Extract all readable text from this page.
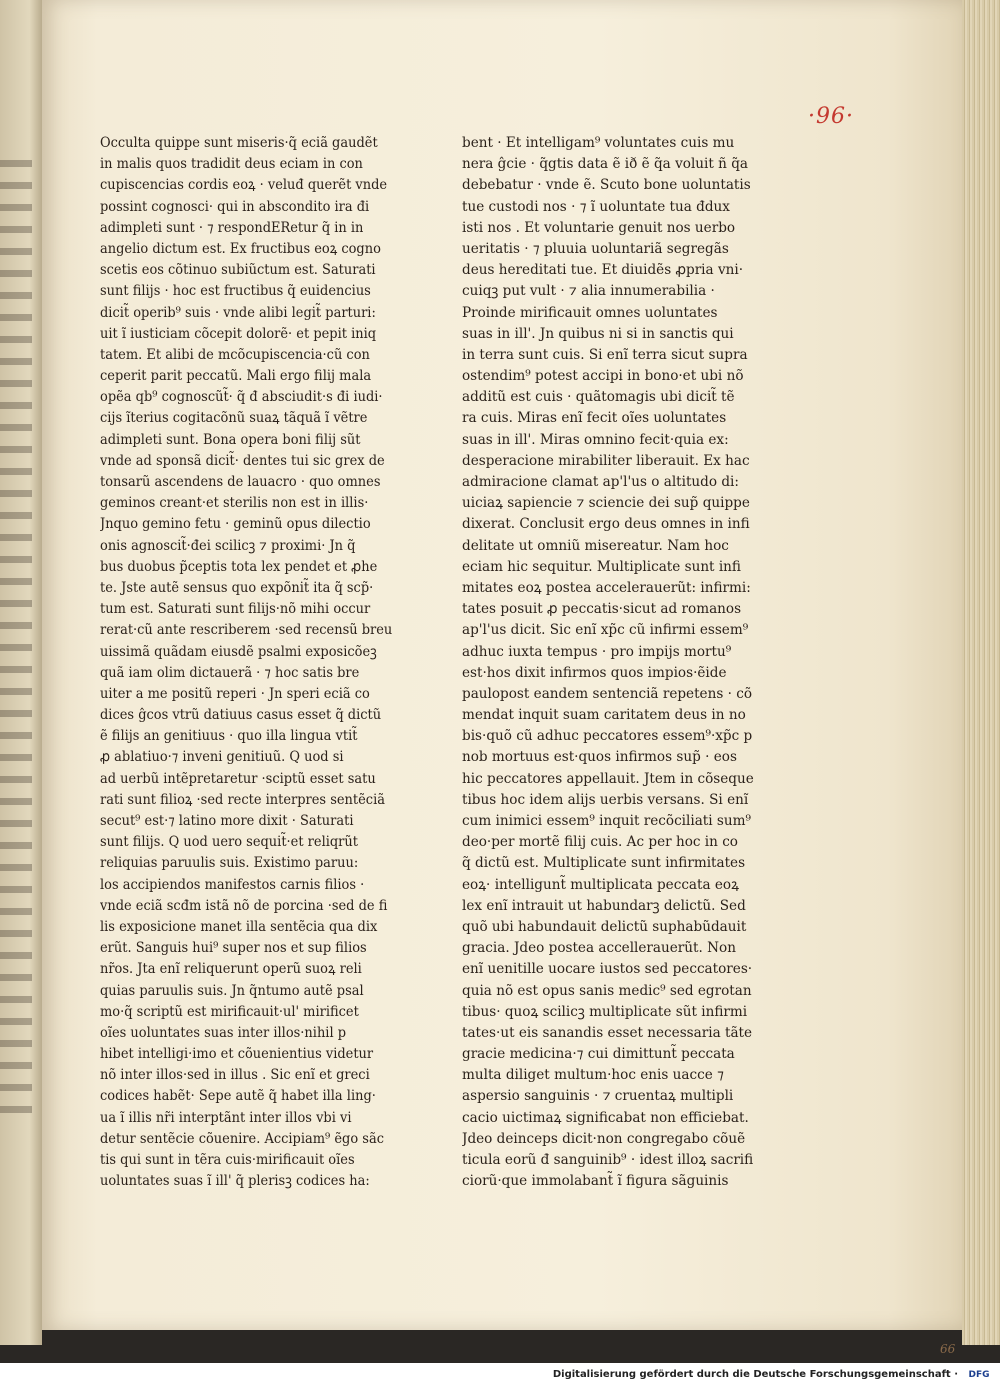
·96·
66
Occulta quippe sunt miseris·q̃ eciã gaudẽt
in malis quos tradidit deus eciam in con
cupiscencias cordis eoꝝ · veluđ querẽt vnde
possint cognosci· qui in abscondito ira đi
adimpleti sunt · ⁊ respondERetur q̃ in in
angelio dictum est. Ex fructibus eoꝝ cogno
scetis eos cõtinuo subiũctum est. Saturati
sunt filijs · hoc est fructibus q̃ euidencius
dicit̃ operib⁹ suis · vnde alibi legit̃ parturi:
uit ĩ iusticiam cõcepit dolorẽ· et pepit iniq
tatem. Et alibi de mcõcupiscencia·cũ con
ceperit parit peccatũ. Mali ergo filij mala
opẽa qb⁹ cognoscũt̃· q̃ đ absciudit·s đi iudi·
cijs ĩterius cogitacõnũ suaꝝ tãquã ĩ vẽtre
adimpleti sunt. Bona opera boni filij sũt
vnde ad sponsã dicit̃· dentes tui sic grex de
tonsarũ ascendens de lauacro · quo omnes
geminos creant·et sterilis non est in illis·
Jnquo gemino fetu · geminũ opus dilectio
onis agnoscit̃·đei scilicꝫ ⁊ proximi· Jn q̃
bus duobus p̃ceptis tota lex pendet et ꝓhe
te. Jste autẽ sensus quo expõnit̃ ita q̃ scp̃·
tum est. Saturati sunt filijs·nõ mihi occur
rerat·cũ ante rescriberem ·sed recensũ breu
uissimã quãdam eiusdẽ psalmi exposicõeꝫ
quã iam olim dictauerã · ⁊ hoc satis bre
uiter a me positũ reperi · Jn speri eciã co
dices ĝcos vtrũ datiuus casus esset q̃ dictũ
ẽ filijs an genitiuus · quo illa lingua vtit̃
ꝓ ablatiuo·⁊ inveni genitiuũ. Q uod si
ad uerbũ intẽpretaretur ·sciptũ esset satu
rati sunt filioꝝ ·sed recte interpres sentẽciã
secut⁹ est·⁊ latino more dixit · Saturati
sunt filijs. Q uod uero sequit̃·et reliqrũt
reliquias paruulis suis. Existimo paruu:
los accipiendos manifestos carnis filios ·
vnde eciã scđm istã nõ de porcina ·sed de fi
lis exposicione manet illa sentẽcia qua dix
erũt. Sanguis hui⁹ super nos et sup filios
nr̃os. Jta enĩ reliquerunt operũ suoꝝ reli
quias paruulis suis. Jn q̃ntumo autẽ psal
mo·q̃ scriptũ est mirificauit·ul' mirificet
oĩes uoluntates suas inter illos·nihil p
hibet intelligi·imo et cõuenientius videtur
nõ inter illos·sed in illus . Sic enĩ et greci
codices habẽt· Sepe autẽ q̃ habet illa ling·
ua ĩ illis nr̃i interptãnt inter illos vbi vi
detur sentẽcie cõuenire. Accipiam⁹ ẽgo sãc
tis qui sunt in tẽra cuis·mirificauit oĩes
uoluntates suas ĩ ill' q̃ plerisꝫ codices ha:
bent · Et intelligam⁹ voluntates cuis mu
nera ĝcie · q̃gtis data ẽ ið ẽ q̃a voluit ñ q̃a
debebatur · vnde ẽ. Scuto bone uoluntatis
tue custodi nos · ⁊ ĩ uoluntate tua đdux
isti nos . Et voluntarie genuit nos uerbo
ueritatis · ⁊ pluuia uoluntariã segregãs
deus hereditati tue. Et diuidẽs ꝓpria vni·
cuiqꝫ put vult · ⁊ alia innumerabilia ·
Proinde mirificauit omnes uoluntates
suas in ill'. Jn quibus ni si in sanctis qui
in terra sunt cuis. Si enĩ terra sicut supra
ostendim⁹ potest accipi in bono·et ubi nõ
additũ est cuis · quãtomagis ubi dicit̃ tẽ
ra cuis. Miras enĩ fecit oĩes uoluntates
suas in ill'. Miras omnino fecit·quia ex:
desperacione mirabiliter liberauit. Ex hac
admiracione clamat ap'l'us o altitudo di:
uiciaꝝ sapiencie ⁊ sciencie dei sup̃ quippe
dixerat. Conclusit ergo deus omnes in infi
delitate ut omniũ misereatur. Nam hoc
eciam hic sequitur. Multiplicate sunt infi
mitates eoꝝ postea accelerauerũt: infirmi:
tates posuit ꝓ peccatis·sicut ad romanos
ap'l'us dicit. Sic enĩ xp̃c cũ infirmi essem⁹
adhuc iuxta tempus · pro impijs mortu⁹
est·hos dixit infirmos quos impios·ẽide
paulopost eandem sentenciã repetens · cõ
mendat inquit suam caritatem deus in no
bis·quõ cũ adhuc peccatores essem⁹·xp̃c p
nob mortuus est·quos infirmos sup̃ · eos
hic peccatores appellauit. Jtem in cõseque
tibus hoc idem alijs uerbis versans. Si enĩ
cum inimici essem⁹ inquit recõciliati sum⁹
deo·per mortẽ filij cuis. Ac per hoc in co
q̃ dictũ est. Multiplicate sunt infirmitates
eoꝝ· intelligunt̃ multiplicata peccata eoꝝ
lex enĩ intrauit ut habundarꝫ delictũ. Sed
quõ ubi habundauit delictũ suphabũdauit
gracia. Jdeo postea accellerauerũt. Non
enĩ uenitille uocare iustos sed peccatores·
quia nõ est opus sanis medic⁹ sed egrotan
tibus· quoꝝ scilicꝫ multiplicate sũt infirmi
tates·ut eis sanandis esset necessaria tãte
gracie medicina·⁊ cui dimittunt̃ peccata
multa diliget multum·hoc enis uacce ⁊
aspersio sanguinis · ⁊ cruentaꝝ multipli
cacio uictimaꝝ significabat non efficiebat.
Jdeo deinceps dicit·non congregabo cõuẽ
ticula eorũ đ sanguinib⁹ · idest illoꝝ sacrifi
ciorũ·que immolabant̃ ĩ figura sãguinis
Digitalisierung gefördert durch die Deutsche Forschungsgemeinschaft ·	DFG
